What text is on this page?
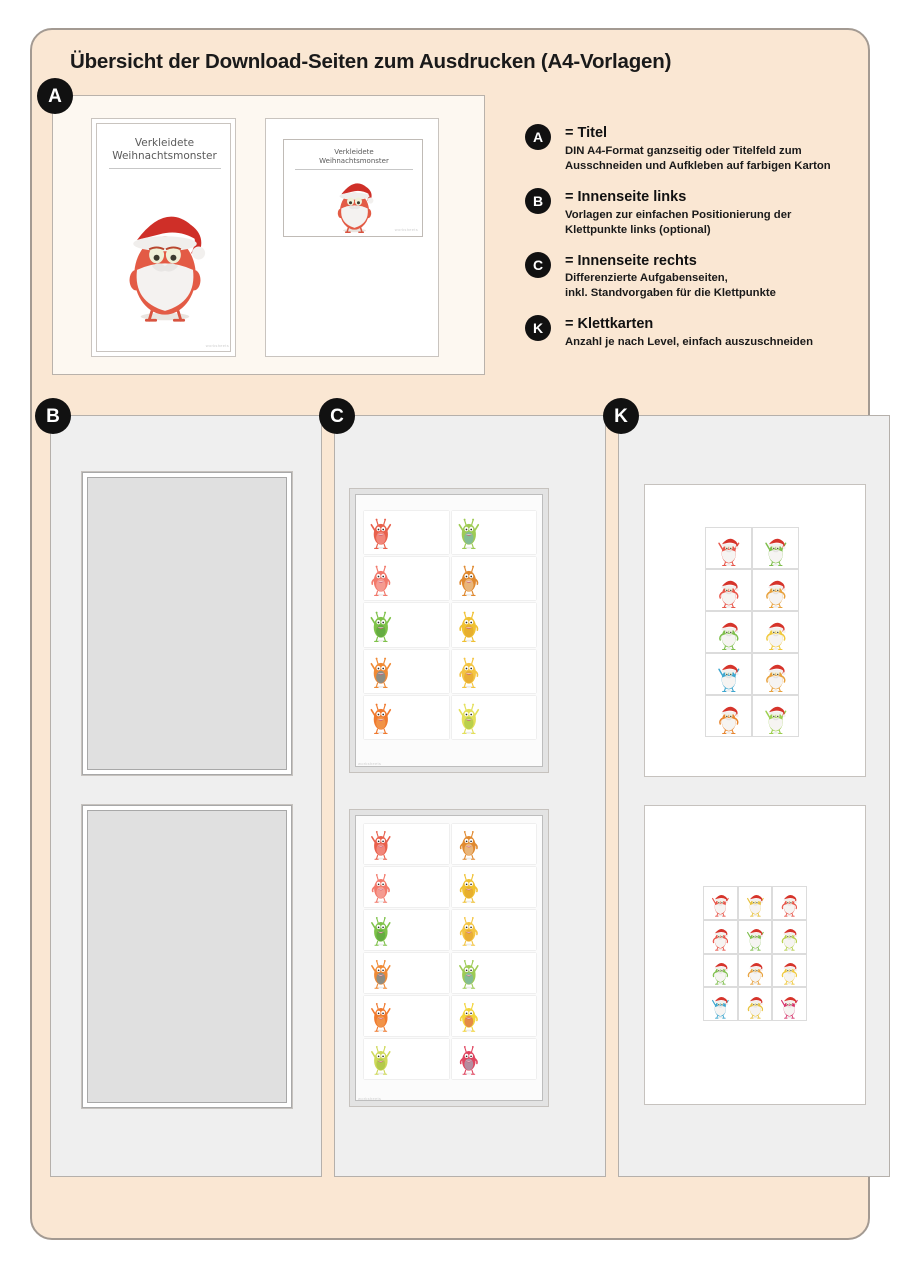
Übersicht der Download-Seiten zum Ausdrucken (A4-Vorlagen)
Verkleidete
Weihnachtsmonster
worksheets
Verkleidete
Weihnachtsmonster
worksheets
A
A	= Titel
DIN A4-Format ganzseitig oder Titelfeld zum
Ausschneiden und Aufkleben auf farbigen Karton
B	= Innenseite links
Vorlagen zur einfachen Positionierung der
Klettpunkte links (optional)
C	= Innenseite rechts
Differenzierte Aufgabenseiten,
inkl. Standvorgaben für die Klettpunkte
K	= Klettkarten
Anzahl je nach Level, einfach auszuschneiden
B	C
worksheets
worksheets
K
